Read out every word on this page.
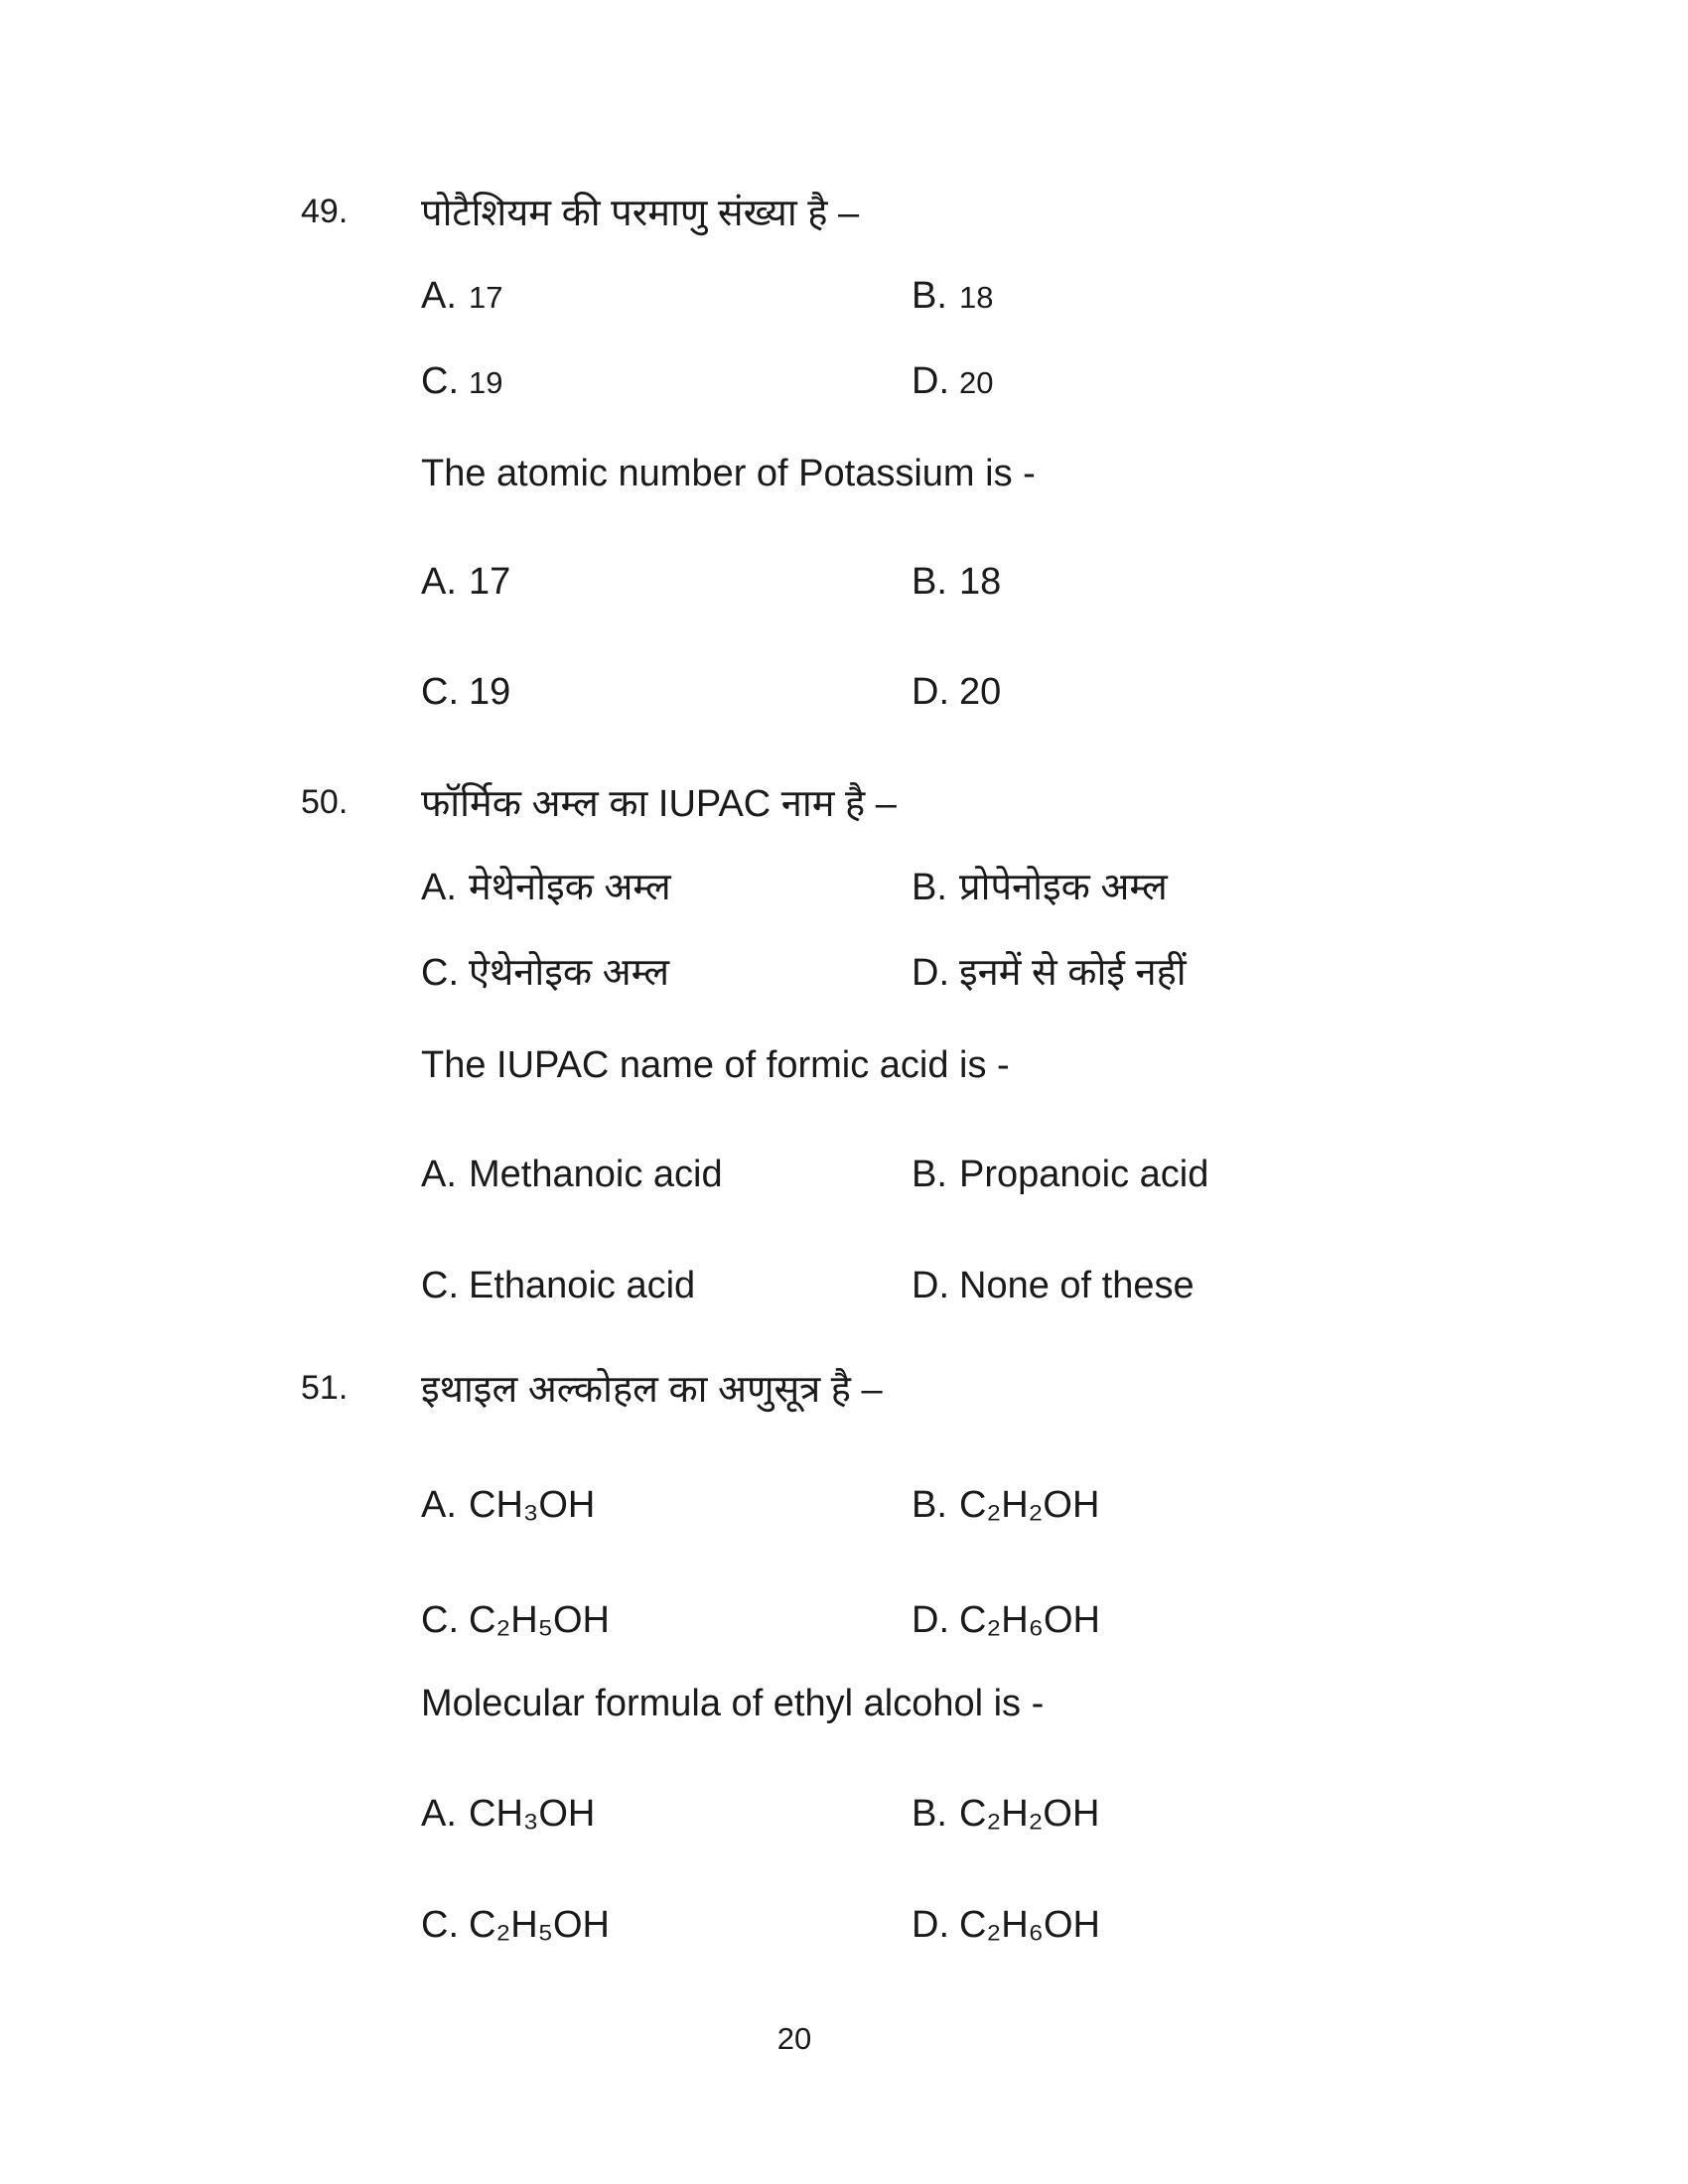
49. पोटैशियम की परमाणु संख्या है –
A. 17	B. 18
C. 19	D. 20
The atomic number of Potassium is -
A. 17	B. 18
C. 19	D. 20
50. फॉर्मिक अम्ल का IUPAC नाम है –
A. मेथेनोइक अम्ल	B. प्रोपेनोइक अम्ल
C. ऐथेनोइक अम्ल	D. इनमें से कोई नहीं
The IUPAC name of formic acid is -
A. Methanoic acid	B. Propanoic acid
C. Ethanoic acid	D. None of these
51. इथाइल अल्कोहल का अणुसूत्र है –
A. CH₃OH	B. C₂H₂OH
C. C₂H₅OH	D. C₂H₆OH
Molecular formula of ethyl alcohol is -
A. CH₃OH	B. C₂H₂OH
C. C₂H₅OH	D. C₂H₆OH
20
